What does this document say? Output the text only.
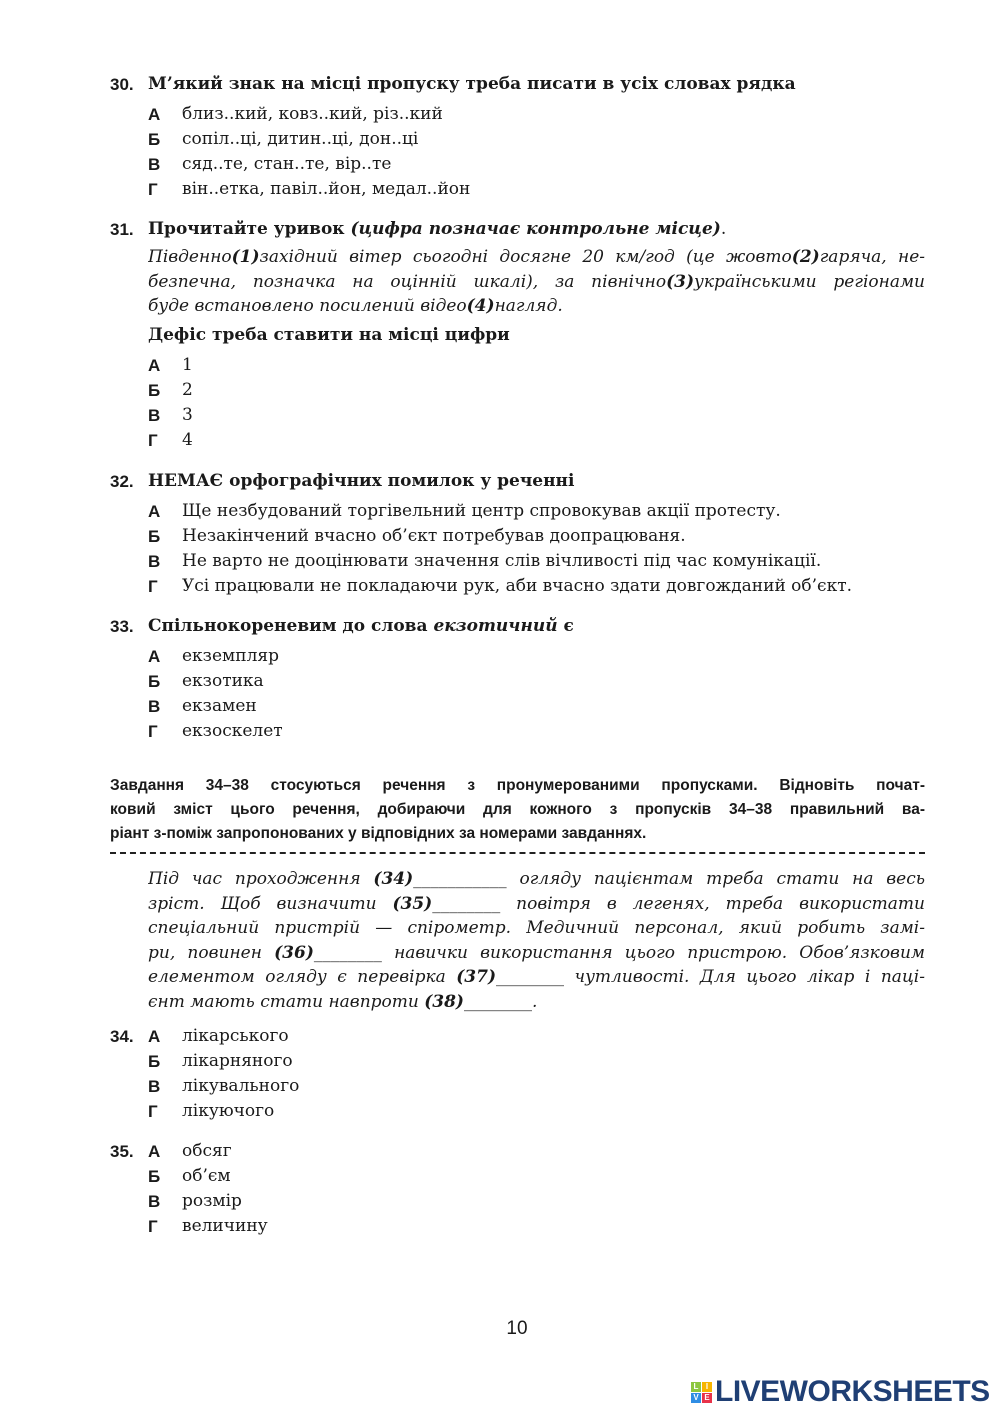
30. М’який знак на місці пропуску треба писати в усіх словах рядка
А близ..кий, ковз..кий, різ..кий
Б сопіл..ці, дитин..ці, дон..ці
В сяд..те, стан..те, вір..те
Г він..етка, павіл..йон, медал..йон
31. Прочитайте уривок (цифра позначає контрольне місце).
Південно(1)західний вітер сьогодні досягне 20 км/год (це жовто(2)гаряча, не-
безпечна, позначка на оцінній шкалі), за північно(3)українськими регіонами
буде встановлено посилений відео(4)нагляд.
Дефіс треба ставити на місці цифри
А 1
Б 2
В 3
Г 4
32. НЕМАЄ орфографічних помилок у реченні
А Ще незбудований торгівельний центр спровокував акції протесту.
Б Незакінчений вчасно об’єкт потребував доопрацюваня.
В Не варто не дооцінювати значення слів вічливості під час комунікації.
Г Усі працювали не покладаючи рук, аби вчасно здати довгожданий об’єкт.
33. Спільнокореневим до слова екзотичний є
А екземпляр
Б екзотика
В екзамен
Г екзоскелет
Завдання 34–38 стосуються речення з пронумерованими пропусками. Відновіть почат-
ковий зміст цього речення, добираючи для кожного з пропусків 34–38 правильний ва-
ріант з-поміж запропонованих у відповідних за номерами завданнях.
Під час проходження (34)___________ огляду пацієнтам треба стати на весь
зріст. Щоб визначити (35)________ повітря в легенях, треба використати
спеціальний пристрій — спірометр. Медичний персонал, який робить замі-
ри, повинен (36)________ навички використання цього пристрою. Обов’язковим
елементом огляду є перевірка (37)________ чутливості. Для цього лікар і паці-
єнт мають стати навпроти (38)________.
34. А лікарського
Б лікарняного
В лікувального
Г лікуючого
35. А обсяг
Б об’єм
В розмір
Г величину
10
L I
V E LIVEWORKSHEETS
